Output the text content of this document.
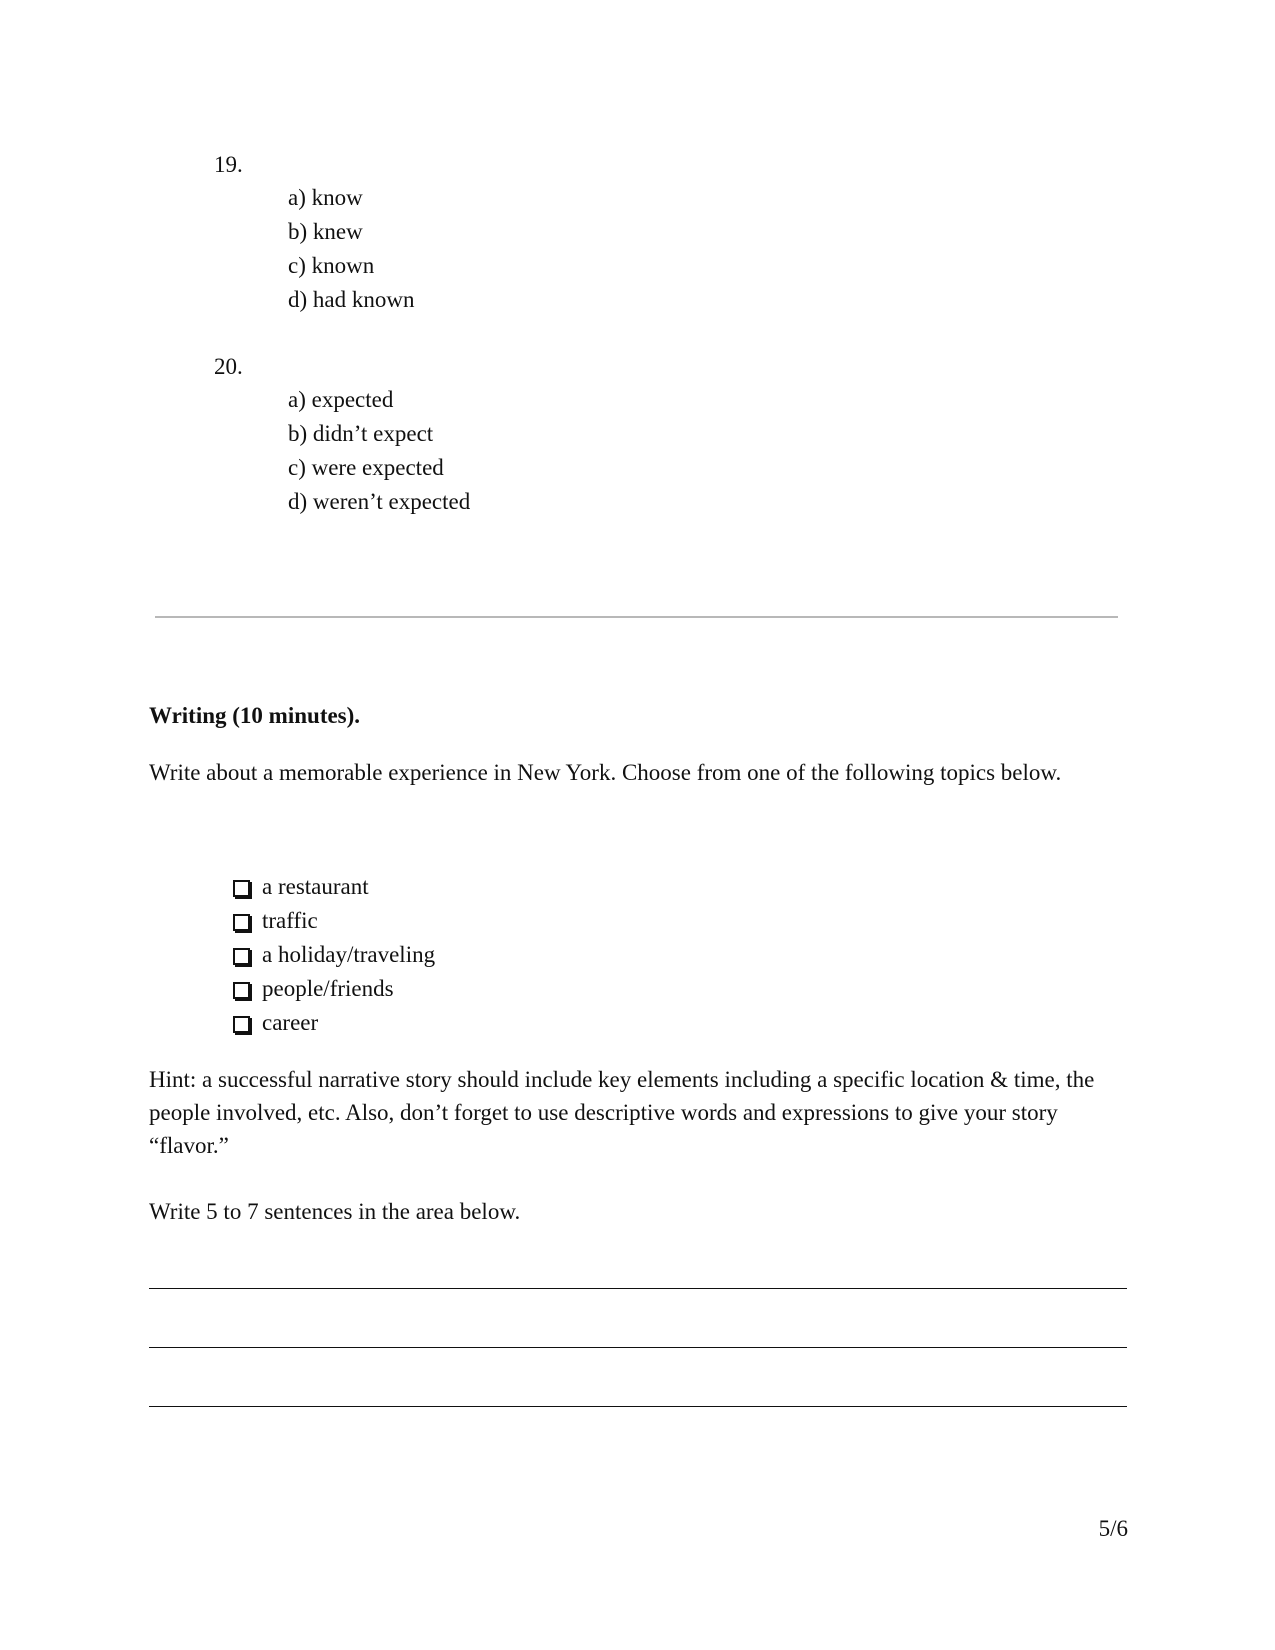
19.
a) know
b) knew
c) known
d) had known
20.
a) expected
b) didn’t expect
c) were expected
d) weren’t expected
Writing (10 minutes).
Write about a memorable experience in New York. Choose from one of the following topics below.
a restaurant
traffic
a holiday/traveling
people/friends
career
Hint: a successful narrative story should include key elements including a specific location & time, the people involved, etc. Also, don’t forget to use descriptive words and expressions to give your story “flavor.”
Write 5 to 7 sentences in the area below.
5/6
